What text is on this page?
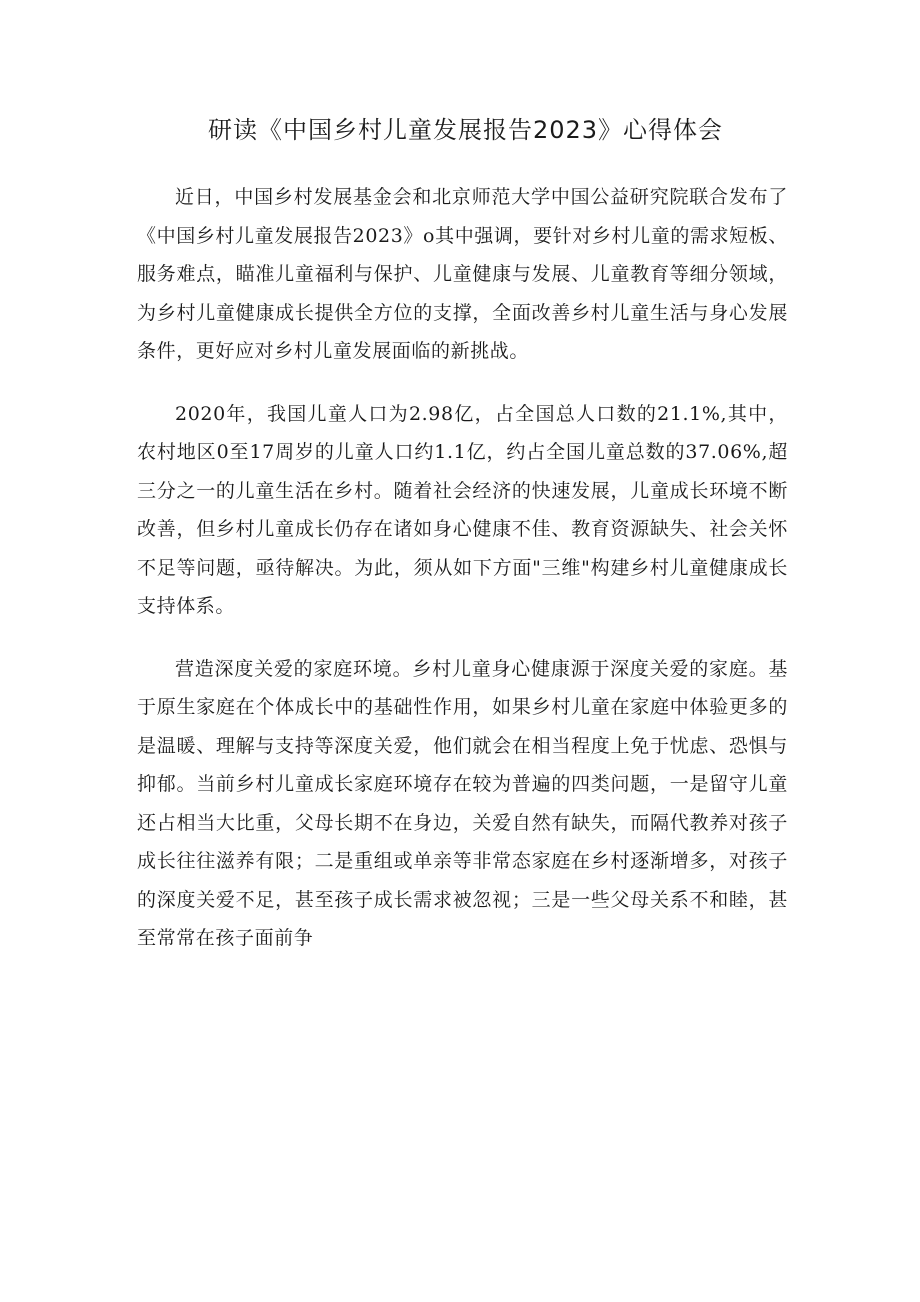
研读《中国乡村儿童发展报告2023》心得体会

近日，中国乡村发展基金会和北京师范大学中国公益研究院联合发布了《中国乡村儿童发展报告2023》o其中强调，要针对乡村儿童的需求短板、服务难点，瞄准儿童福利与保护、儿童健康与发展、儿童教育等细分领域，为乡村儿童健康成长提供全方位的支撑，全面改善乡村儿童生活与身心发展条件，更好应对乡村儿童发展面临的新挑战。

2020年，我国儿童人口为2.98亿，占全国总人口数的21.1%,其中，农村地区0至17周岁的儿童人口约1.1亿，约占全国儿童总数的37.06%,超三分之一的儿童生活在乡村。随着社会经济的快速发展，儿童成长环境不断改善，但乡村儿童成长仍存在诸如身心健康不佳、教育资源缺失、社会关怀不足等问题，亟待解决。为此，须从如下方面"三维"构建乡村儿童健康成长支持体系。

营造深度关爱的家庭环境。乡村儿童身心健康源于深度关爱的家庭。基于原生家庭在个体成长中的基础性作用，如果乡村儿童在家庭中体验更多的是温暖、理解与支持等深度关爱，他们就会在相当程度上免于忧虑、恐惧与抑郁。当前乡村儿童成长家庭环境存在较为普遍的四类问题，一是留守儿童还占相当大比重，父母长期不在身边，关爱自然有缺失，而隔代教养对孩子成长往往滋养有限；二是重组或单亲等非常态家庭在乡村逐渐增多，对孩子的深度关爱不足，甚至孩子成长需求被忽视；三是一些父母关系不和睦，甚至常常在孩子面前争
